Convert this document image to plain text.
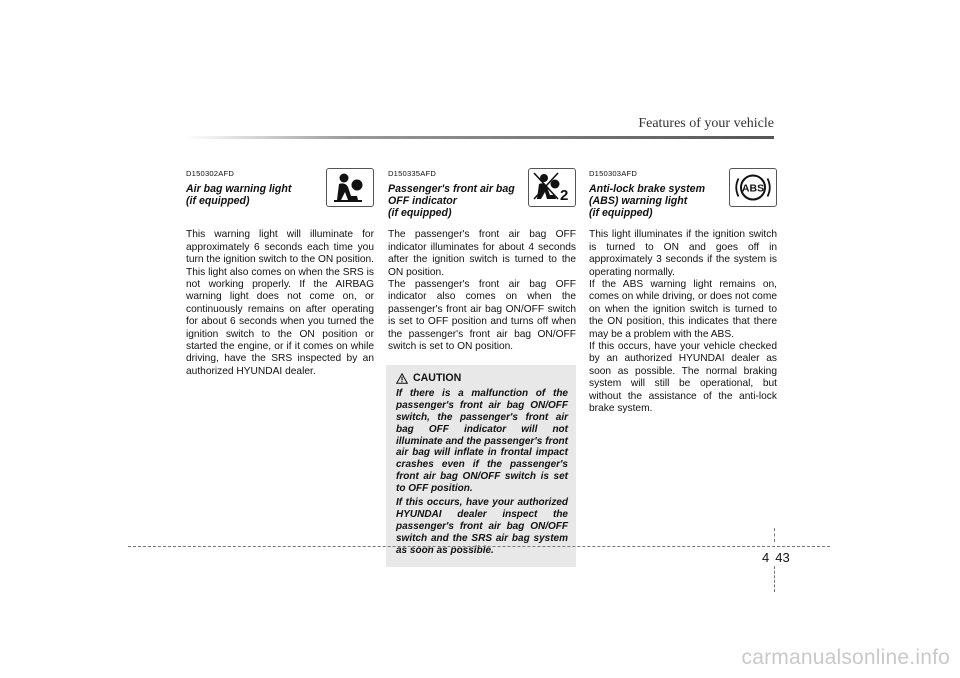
Features of your vehicle
D150302AFD
Air bag warning light
(if equipped)

This warning light will illuminate for approximately 6 seconds each time you turn the ignition switch to the ON position.

This light also comes on when the SRS is not working properly. If the AIRBAG warning light does not come on, or continuously remains on after operating for about 6 seconds when you turned the ignition switch to the ON position or started the engine, or if it comes on while driving, have the SRS inspected by an authorized HYUNDAI dealer.

2
D150335AFD
Passenger's front air bag
OFF indicator
(if equipped)

The passenger's front air bag OFF indicator illuminates for about 4 seconds after the ignition switch is turned to the ON position.

The passenger's front air bag OFF indicator also comes on when the passenger's front air bag ON/OFF switch is set to OFF position and turns off when the passenger's front air bag ON/OFF switch is set to ON position.

CAUTION

If there is a malfunction of the passenger's front air bag ON/OFF switch, the passenger's front air bag OFF indicator will not illuminate and the passenger's front air bag will inflate in frontal impact crashes even if the passenger's front air bag ON/OFF switch is set to OFF position.

If this occurs, have your authorized HYUNDAI dealer inspect the passenger's front air bag ON/OFF switch and the SRS air bag system as soon as possible.

ABS
D150303AFD
Anti-lock brake system
(ABS) warning light
(if equipped)

This light illuminates if the ignition switch is turned to ON and goes off in approximately 3 seconds if the system is operating normally.

If the ABS warning light remains on, comes on while driving, or does not come on when the ignition switch is turned to the ON position, this indicates that there may be a problem with the ABS.

If this occurs, have your vehicle checked by an authorized HYUNDAI dealer as soon as possible. The normal braking system will still be operational, but without the assistance of the anti-lock brake system.

4 43
carmanualsonline.info
